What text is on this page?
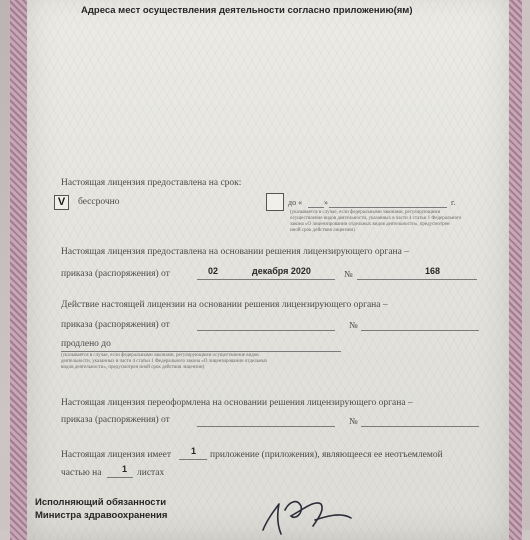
Адреса мест осуществления деятельности согласно приложению(ям)
Настоящая лицензия предоставлена на срок:
V	бессрочно	до «	»	г.
(указывается в случае, если федеральными законами, регулирующими
осуществление видов деятельности, указанных в части 4 статьи 1 Федерального
закона «О лицензировании отдельных видов деятельности», предусмотрен
иной срок действия лицензии)
Настоящая лицензия предоставлена на основании решения лицензирующего органа –
приказа (распоряжения) от	02	декабря 2020	№	168
Действие настоящей лицензии на основании решения лицензирующего органа –
приказа (распоряжения) от	№
продлено до
(указывается в случае, если федеральными законами, регулирующими осуществление видов
деятельности, указанных в части 4 статьи 1 Федерального закона «О лицензировании отдельных
видов деятельности», предусмотрен иной срок действия лицензии)
Настоящая лицензия переоформлена на основании решения лицензирующего органа –
приказа (распоряжения) от	№
Настоящая лицензия имеет 1 приложение (приложения), являющееся ее неотъемлемой
частью на 1 листах
Исполняющий обязанности
Министра здравоохранения
